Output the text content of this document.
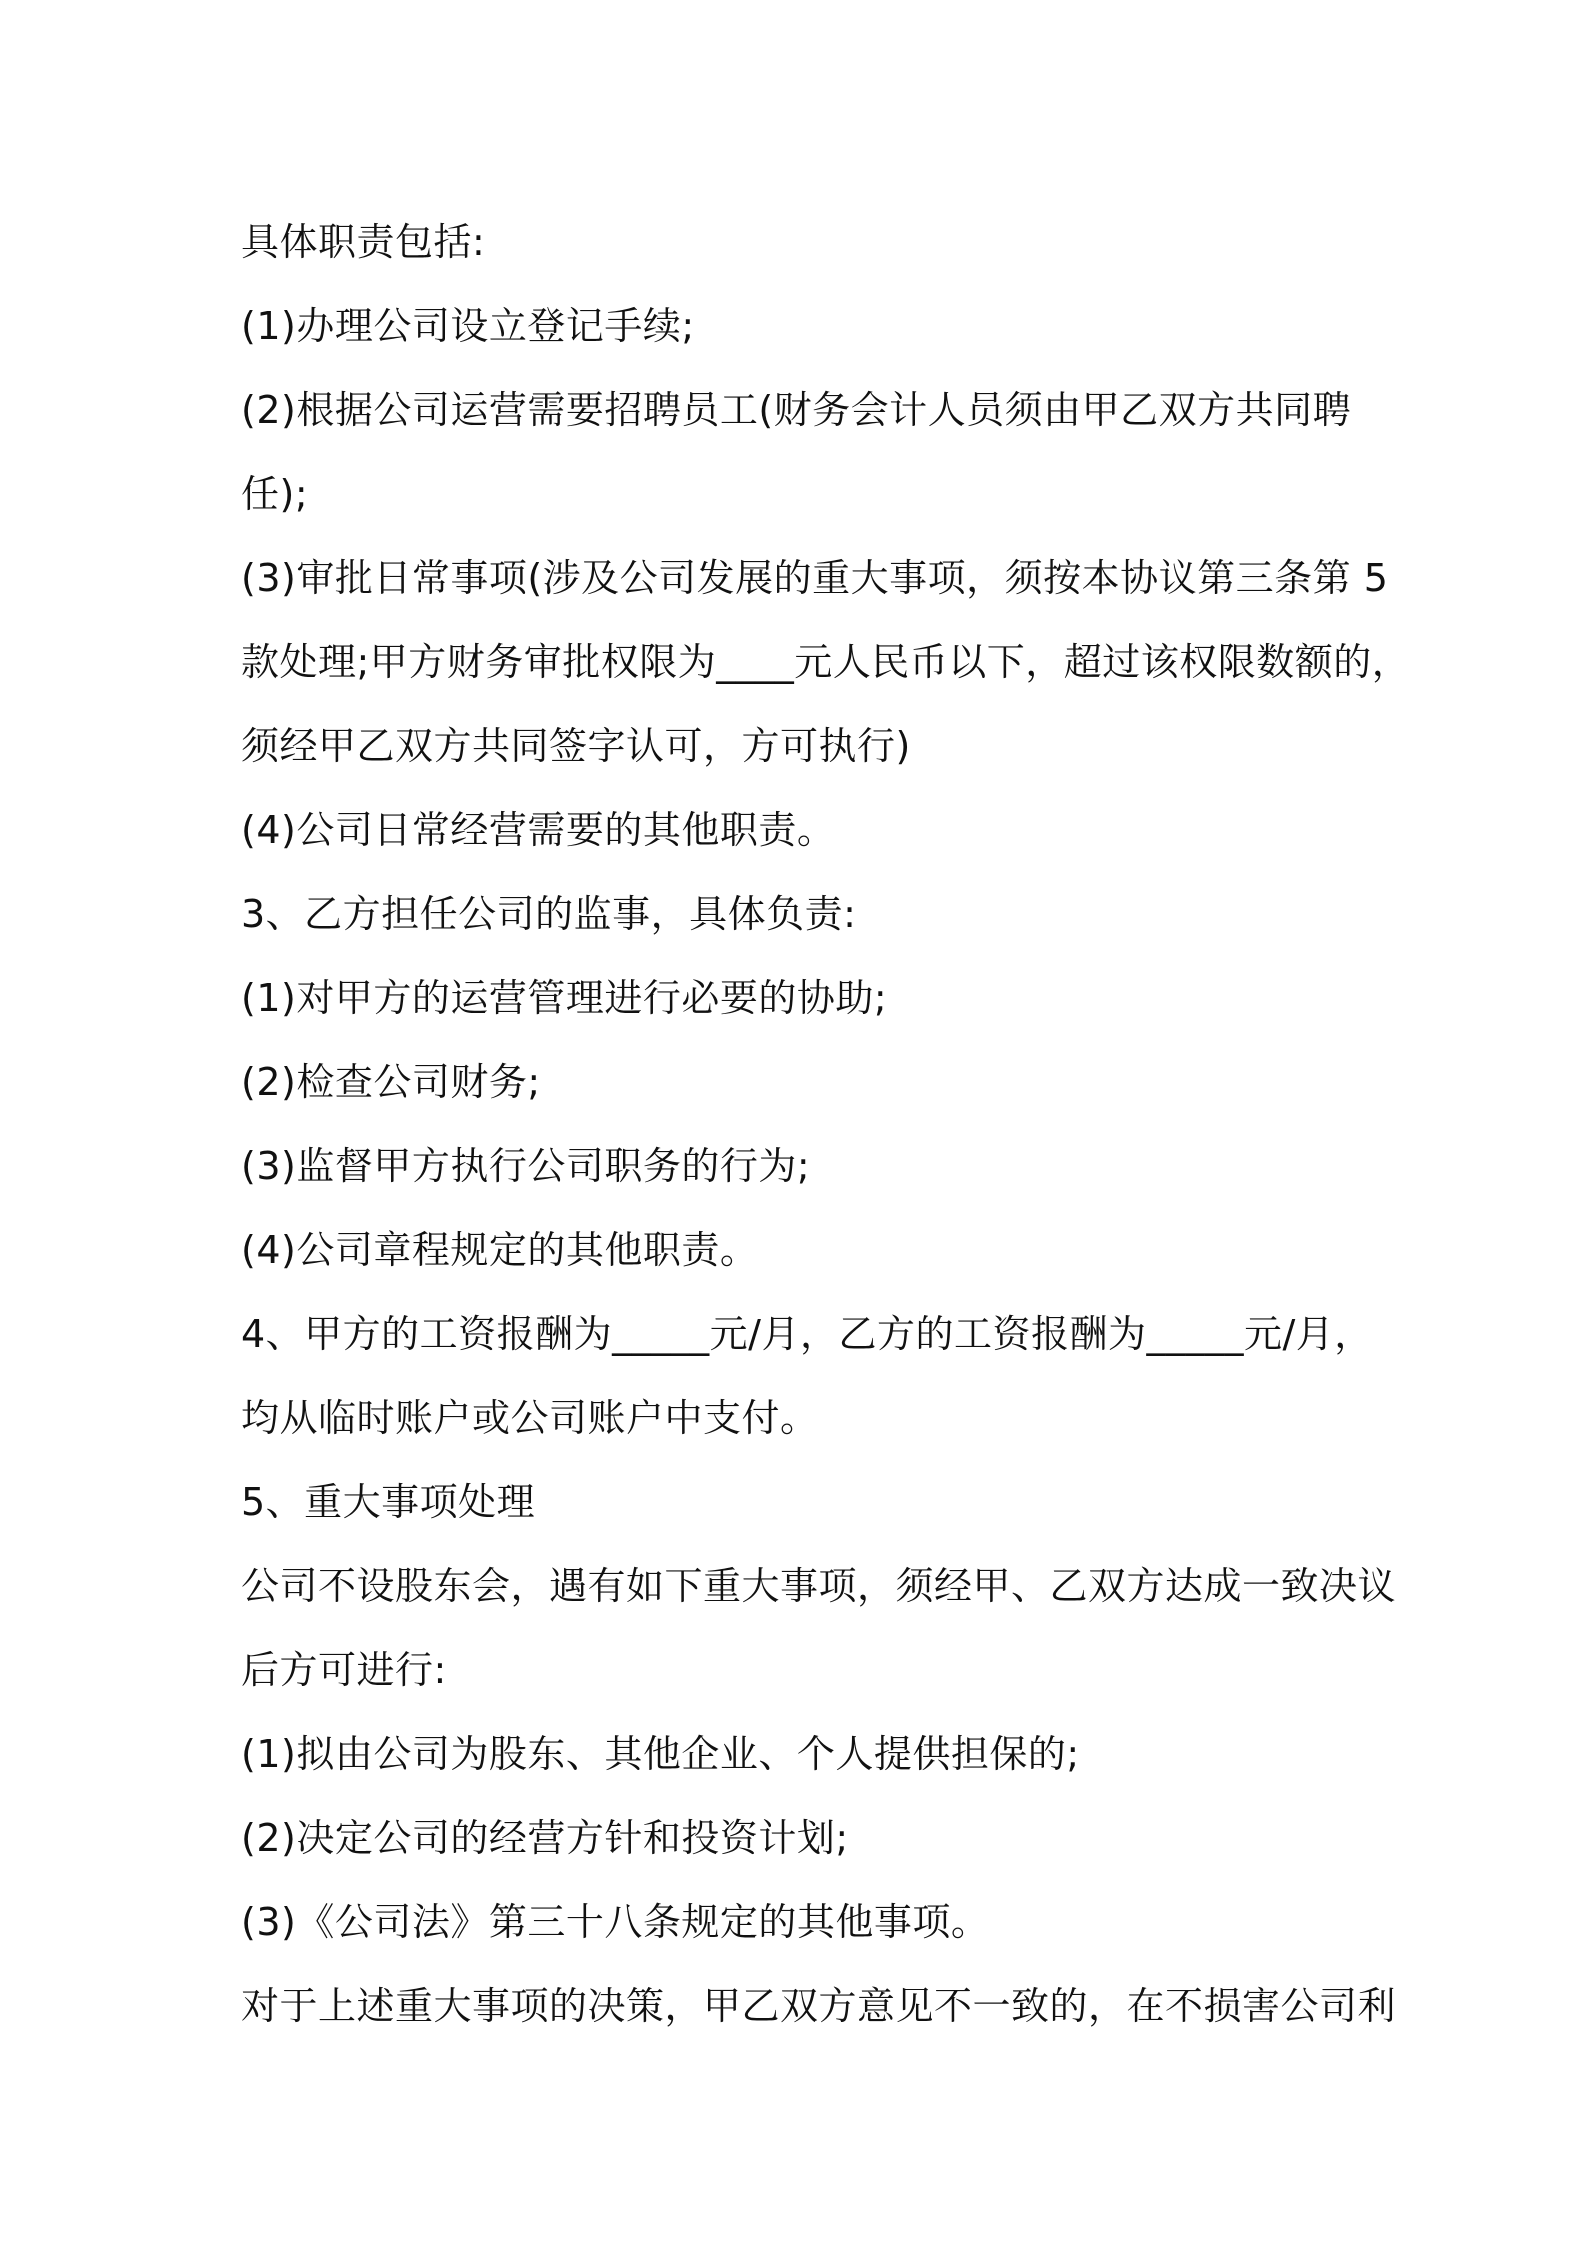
具体职责包括:
(1)办理公司设立登记手续;
(2)根据公司运营需要招聘员工(财务会计人员须由甲乙双方共同聘
任);
(3)审批日常事项(涉及公司发展的重大事项，须按本协议第三条第 5
款处理;甲方财务审批权限为____元人民币以下，超过该权限数额的，
须经甲乙双方共同签字认可，方可执行)
(4)公司日常经营需要的其他职责。
3、乙方担任公司的监事，具体负责:
(1)对甲方的运营管理进行必要的协助;
(2)检查公司财务;
(3)监督甲方执行公司职务的行为;
(4)公司章程规定的其他职责。
4、甲方的工资报酬为_____元/月，乙方的工资报酬为_____元/月，
均从临时账户或公司账户中支付。
5、重大事项处理
公司不设股东会，遇有如下重大事项，须经甲、乙双方达成一致决议
后方可进行:
(1)拟由公司为股东、其他企业、个人提供担保的;
(2)决定公司的经营方针和投资计划;
(3)《公司法》第三十八条规定的其他事项。
对于上述重大事项的决策，甲乙双方意见不一致的，在不损害公司利
